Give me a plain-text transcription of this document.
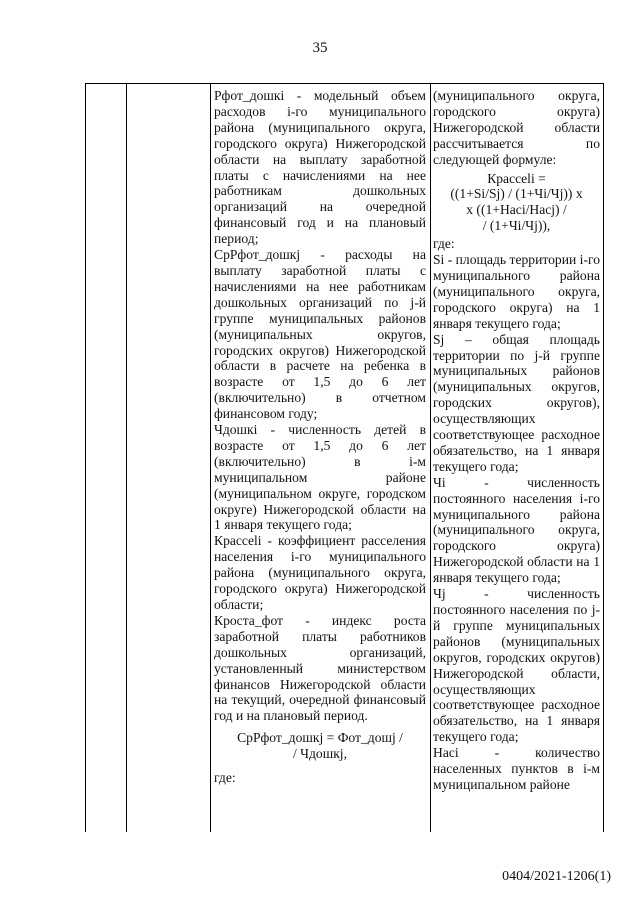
35

Рфот_дошкі - модельный объем расходов і-го муниципального района (муниципального округа, городского округа) Нижегородской области на выплату заработной платы с начислениями на нее работникам дошкольных организаций на очередной финансовый год и на плановый период;

СрРфот_дошкj - расходы на выплату заработной платы с начислениями на нее работникам дошкольных организаций по j-й группе муниципальных районов (муниципальных округов, городских округов) Нижегородской области в расчете на ребенка в возрасте от 1,5 до 6 лет (включительно) в отчетном финансовом году;

Чдошкі - численность детей в возрасте от 1,5 до 6 лет (включительно) в і-м муниципальном районе (муниципальном округе, городском округе) Нижегородской области на 1 января текущего года;

Крассelі - коэффициент расселения населения і-го муниципального района (муниципального округа, городского округа) Нижегородской области;

Крoста_фот - индекс роста заработной платы работников дошкольных организаций, установленный министерством финансов Нижегородской области на текущий, очередной финансовый год и на плановый период.

СрРфот_дошкj = Фот_дошj /
/ Чдошкj,

где:

(муниципального округа, городского округа) Нижегородской области рассчитывается по следующей формуле:

Крассelі =
((1+Si/Sj) / (1+Чi/Чj)) x
x ((1+Насі/Насj) /
/ (1+Чi/Чj)),

где:

Si - площадь территории і-го муниципального района (муниципального округа, городского округа) на 1 января текущего года;

Sj – общая площадь территории по j-й группе муниципальных районов (муниципальных округов, городских округов), осуществляющих соответствующее расходное обязательство, на 1 января текущего года;

Чі - численность постоянного населения і-го муниципального района (муниципального округа, городского округа) Нижегородской области на 1 января текущего года;

Чj - численность постоянного населения по j-й группе муниципальных районов (муниципальных округов, городских округов) Нижегородской области, осуществляющих соответствующее расходное обязательство, на 1 января текущего года;

Насі - количество населенных пунктов в і-м муниципальном районе

0404/2021-1206(1)
